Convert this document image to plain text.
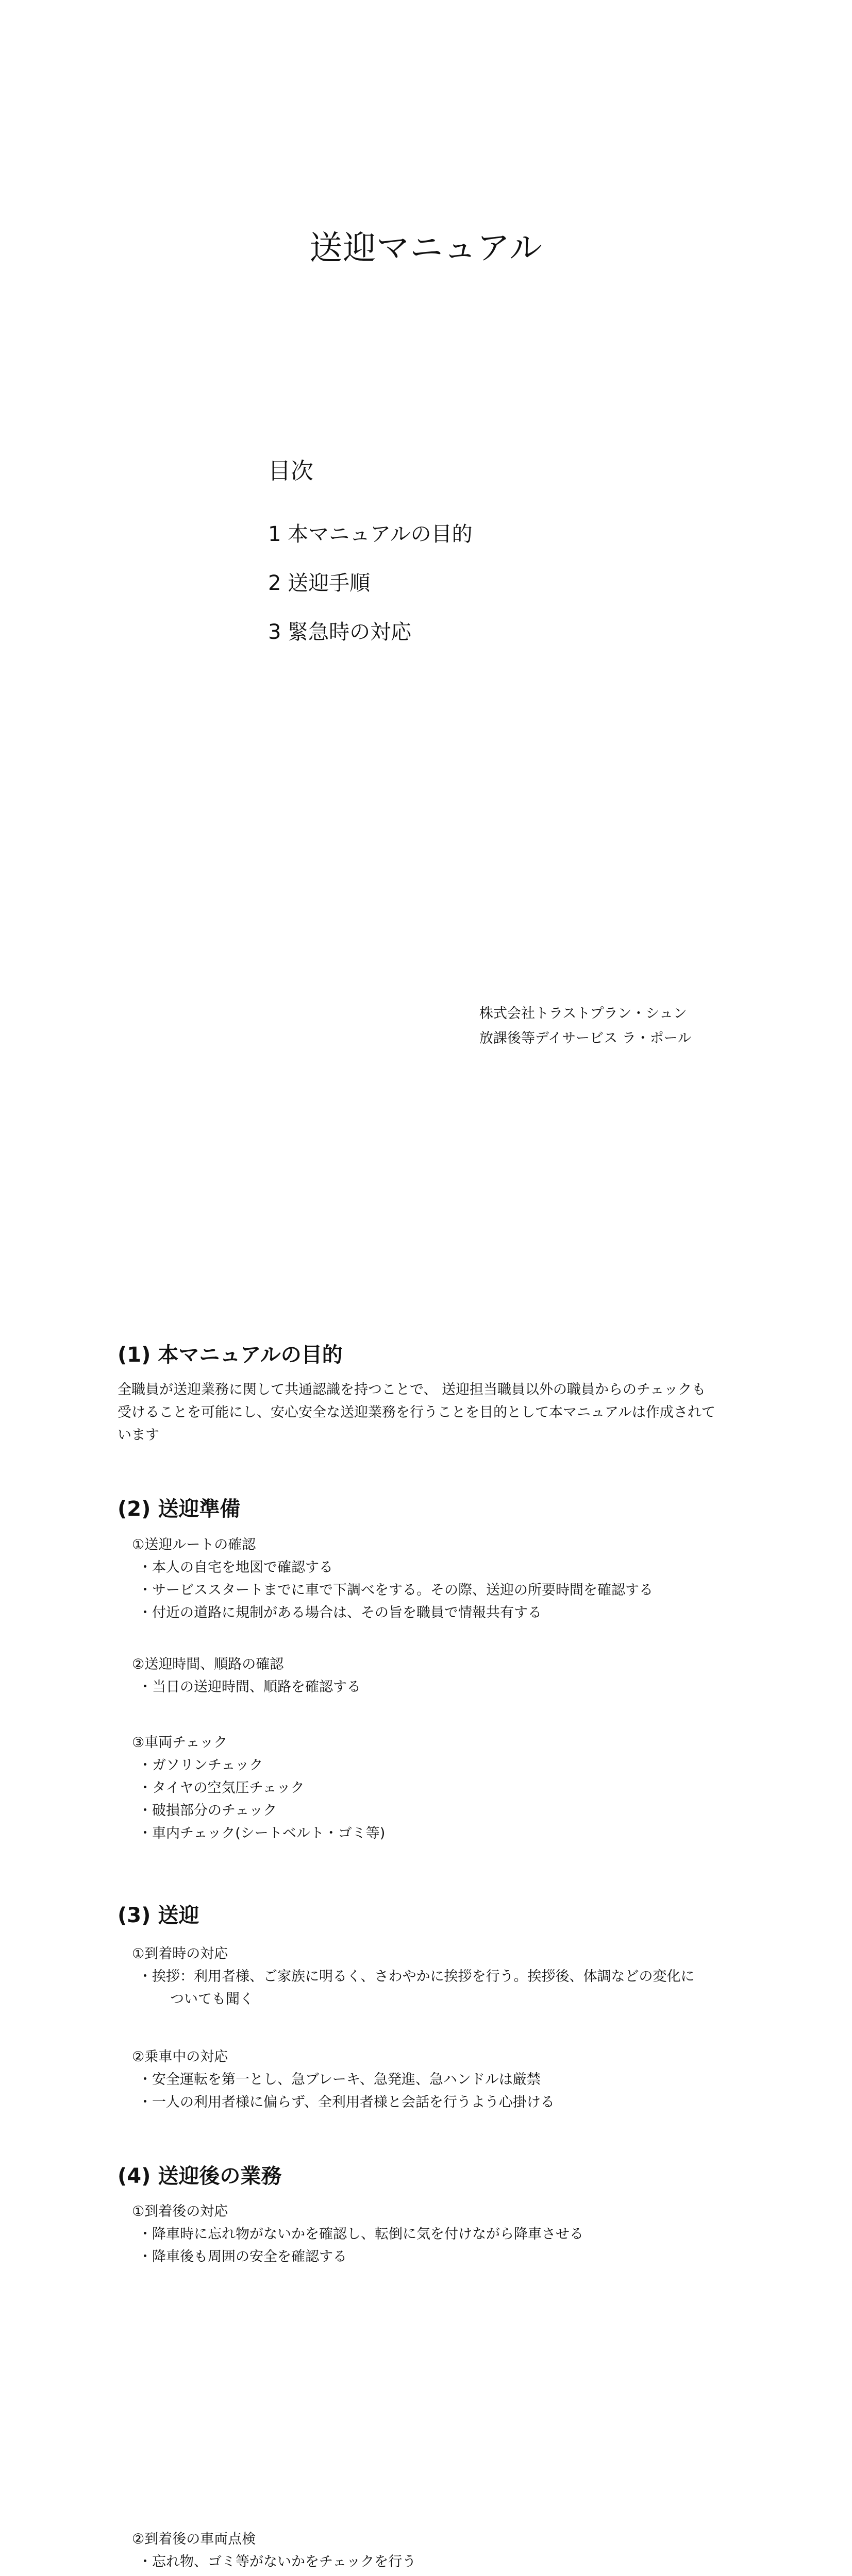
送迎マニュアル
目次
1 本マニュアルの目的
2 送迎手順
3 緊急時の対応
株式会社トラストプラン・シュン
放課後等デイサービス ラ・ポール
(1) 本マニュアルの目的
全職員が送迎業務に関して共通認識を持つことで、 送迎担当職員以外の職員からのチェックも受けることを可能にし、安心安全な送迎業務を行うことを目的として本マニュアルは作成されています
(2) 送迎準備
①送迎ルートの確認
・本人の自宅を地図で確認する
・サービススタートまでに車で下調べをする。その際、送迎の所要時間を確認する
・付近の道路に規制がある場合は、その旨を職員で情報共有する
②送迎時間、順路の確認
・当日の送迎時間、順路を確認する
③車両チェック
・ガソリンチェック
・タイヤの空気圧チェック
・破損部分のチェック
・車内チェック(シートベルト・ゴミ等)
(3) 送迎
①到着時の対応
・挨拶：利用者様、ご家族に明るく、さわやかに挨拶を行う。挨拶後、体調などの変化に
ついても聞く
②乗車中の対応
・安全運転を第一とし、急ブレーキ、急発進、急ハンドルは厳禁
・一人の利用者様に偏らず、全利用者様と会話を行うよう心掛ける
(4) 送迎後の業務
①到着後の対応
・降車時に忘れ物がないかを確認し、転倒に気を付けながら降車させる
・降車後も周囲の安全を確認する
②到着後の車両点検
・忘れ物、ゴミ等がないかをチェックを行う
